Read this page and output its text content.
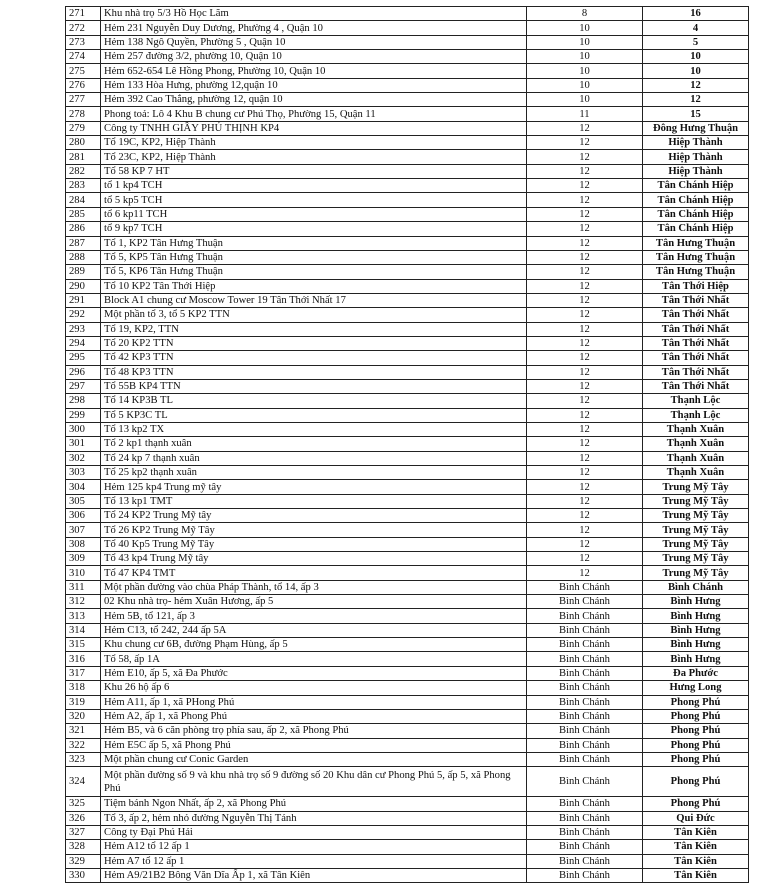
271	Khu nhà trọ 5/3 Hồ Học Lãm	8	16
272	Hẻm 231 Nguyễn Duy Dương, Phường 4 , Quận 10	10	4
273	Hẻm 138 Ngô Quyền, Phường 5 , Quận 10	10	5
274	Hẻm 257 đường 3/2, phường 10, Quận 10	10	10
275	Hẻm 652-654 Lê Hồng Phong, Phường 10, Quận 10	10	10
276	Hẻm 133 Hòa Hưng, phường 12,quận 10	10	12
277	Hẻm 392 Cao Thắng, phường 12, quận 10	10	12
278	Phong toả: Lô 4 Khu B chung cư Phú Thọ, Phường 15, Quận 11	11	15
279	Công ty TNHH GIẦY PHÚ THỊNH KP4	12	Đông Hưng Thuận
280	Tổ 19C, KP2, Hiệp Thành	12	Hiệp Thành
281	Tổ 23C, KP2, Hiệp Thành	12	Hiệp Thành
282	Tổ 58 KP 7 HT	12	Hiệp Thành
283	tổ 1 kp4 TCH	12	Tân Chánh Hiệp
284	tổ 5 kp5 TCH	12	Tân Chánh Hiệp
285	tổ 6 kp11 TCH	12	Tân Chánh Hiệp
286	tổ 9 kp7 TCH	12	Tân Chánh Hiệp
287	Tổ 1, KP2 Tân Hưng Thuận	12	Tân Hưng Thuận
288	Tổ 5, KP5 Tân Hưng Thuận	12	Tân Hưng Thuận
289	Tổ 5, KP6 Tân Hưng Thuận	12	Tân Hưng Thuận
290	Tổ 10 KP2 Tân Thới Hiệp	12	Tân Thới Hiệp
291	Block A1 chung cư Moscow Tower 19 Tân Thới Nhất 17	12	Tân Thới Nhất
292	Một phần tổ 3, tổ 5 KP2 TTN	12	Tân Thới Nhất
293	Tổ 19, KP2, TTN	12	Tân Thới Nhất
294	Tổ 20 KP2 TTN	12	Tân Thới Nhất
295	Tổ 42 KP3 TTN	12	Tân Thới Nhất
296	Tổ 48 KP3 TTN	12	Tân Thới Nhất
297	Tổ 55B KP4 TTN	12	Tân Thới Nhất
298	Tổ 14 KP3B TL	12	Thạnh Lộc
299	Tổ 5 KP3C TL	12	Thạnh Lộc
300	Tổ 13 kp2 TX	12	Thạnh Xuân
301	Tổ 2 kp1 thạnh xuân	12	Thạnh Xuân
302	Tổ 24 kp 7 thạnh xuân	12	Thạnh Xuân
303	Tổ 25 kp2 thạnh xuân	12	Thạnh Xuân
304	Hẻm 125 kp4 Trung mỹ tây	12	Trung Mỹ Tây
305	Tổ 13 kp1 TMT	12	Trung Mỹ Tây
306	Tổ 24 KP2 Trung Mỹ tây	12	Trung Mỹ Tây
307	Tổ 26 KP2 Trung Mỹ Tây	12	Trung Mỹ Tây
308	Tổ 40 Kp5 Trung Mỹ Tây	12	Trung Mỹ Tây
309	Tổ 43 kp4 Trung Mỹ tây	12	Trung Mỹ Tây
310	Tổ 47 KP4 TMT	12	Trung Mỹ Tây
311	Một phần đường vào chùa Pháp Thành, tổ 14, ấp 3	Bình Chánh	Bình Chánh
312	02 Khu nhà trọ- hẻm Xuân Hương, ấp 5	Bình Chánh	Bình Hưng
313	Hẻm 5B, tổ 121, ấp 3	Bình Chánh	Bình Hưng
314	Hẻm C13, tổ 242, 244 ấp 5A	Bình Chánh	Bình Hưng
315	Khu chung cư 6B, đường Phạm Hùng, ấp 5	Bình Chánh	Bình Hưng
316	Tổ 58, ấp 1A	Bình Chánh	Bình Hưng
317	Hẻm E10, ấp 5, xã Đa Phước	Bình Chánh	Đa Phước
318	Khu 26 hộ ấp 6	Bình Chánh	Hưng Long
319	Hẻm A11, ấp 1, xã PHong Phú	Bình Chánh	Phong Phú
320	Hẻm A2, ấp 1, xã Phong Phú	Bình Chánh	Phong Phú
321	Hẻm B5, và 6 căn phòng trọ phía sau, ấp 2, xã Phong Phú	Bình Chánh	Phong Phú
322	Hẻm E5C ấp 5, xã Phong Phú	Bình Chánh	Phong Phú
323	Một phần chung cư Conic Garden	Bình Chánh	Phong Phú
324	Một phần đường số 9 và khu nhà trọ số 9 đường số 20 Khu dân cư Phong Phú 5, ấp 5, xã Phong Phú	Bình Chánh	Phong Phú
325	Tiệm bánh Ngon Nhất, ấp 2, xã Phong Phú	Bình Chánh	Phong Phú
326	Tổ 3, ấp 2, hẻm nhỏ đường Nguyễn Thị Tánh	Bình Chánh	Qui Đức
327	Công ty Đại Phú Hải	Bình Chánh	Tân Kiên
328	Hẻm A12 tổ 12 ấp 1	Bình Chánh	Tân Kiên
329	Hẻm A7 tổ 12 ấp 1	Bình Chánh	Tân Kiên
330	Hẻm A9/21B2 Bông Văn Dĩa Ấp 1, xã Tân Kiên	Bình Chánh	Tân Kiên
